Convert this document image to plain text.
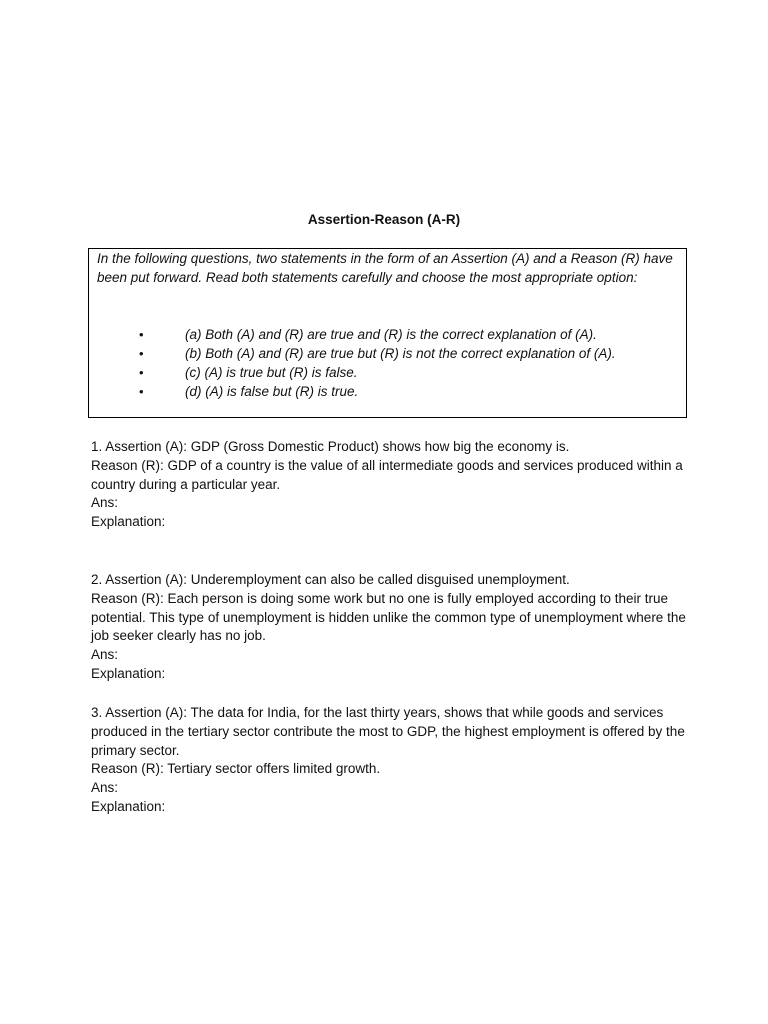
Assertion-Reason (A-R)
In the following questions, two statements in the form of an Assertion (A) and a Reason (R) have been put forward. Read both statements carefully and choose the most appropriate option:
•	(a) Both (A) and (R) are true and (R) is the correct explanation of (A).
•	(b) Both (A) and (R) are true but (R) is not the correct explanation of (A).
•	(c) (A) is true but (R) is false.
•	(d) (A) is false but (R) is true.
1. Assertion (A): GDP (Gross Domestic Product) shows how big the economy is.
Reason (R): GDP of a country is the value of all intermediate goods and services produced within a country during a particular year.
Ans:
Explanation:
2. Assertion (A): Underemployment can also be called disguised unemployment.
Reason (R): Each person is doing some work but no one is fully employed according to their true potential. This type of unemployment is hidden unlike the common type of unemployment where the job seeker clearly has no job.
Ans:
Explanation:
3. Assertion (A): The data for India, for the last thirty years, shows that while goods and services produced in the tertiary sector contribute the most to GDP, the highest employment is offered by the primary sector.
Reason (R): Tertiary sector offers limited growth.
Ans:
Explanation:
